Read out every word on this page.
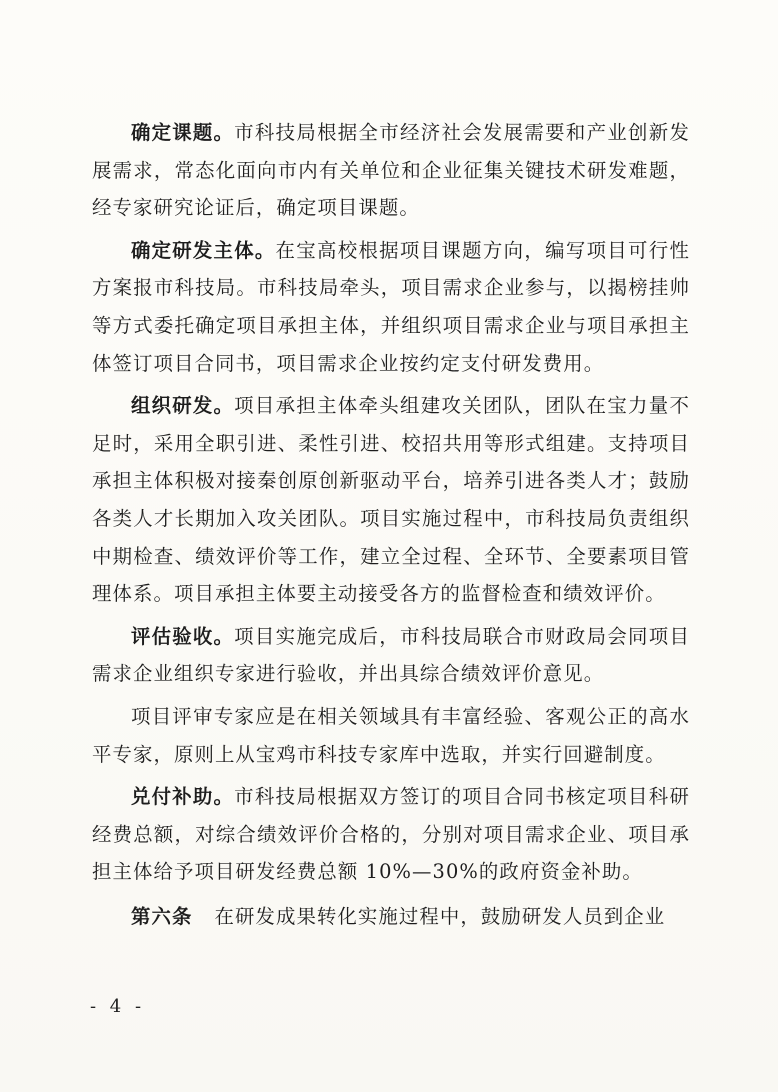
确定课题。市科技局根据全市经济社会发展需要和产业创新发展需求，常态化面向市内有关单位和企业征集关键技术研发难题，经专家研究论证后，确定项目课题。

确定研发主体。在宝高校根据项目课题方向，编写项目可行性方案报市科技局。市科技局牵头，项目需求企业参与，以揭榜挂帅等方式委托确定项目承担主体，并组织项目需求企业与项目承担主体签订项目合同书，项目需求企业按约定支付研发费用。

组织研发。项目承担主体牵头组建攻关团队，团队在宝力量不足时，采用全职引进、柔性引进、校招共用等形式组建。支持项目承担主体积极对接秦创原创新驱动平台，培养引进各类人才；鼓励各类人才长期加入攻关团队。项目实施过程中，市科技局负责组织中期检查、绩效评价等工作，建立全过程、全环节、全要素项目管理体系。项目承担主体要主动接受各方的监督检查和绩效评价。

评估验收。项目实施完成后，市科技局联合市财政局会同项目需求企业组织专家进行验收，并出具综合绩效评价意见。

项目评审专家应是在相关领域具有丰富经验、客观公正的高水平专家，原则上从宝鸡市科技专家库中选取，并实行回避制度。

兑付补助。市科技局根据双方签订的项目合同书核定项目科研经费总额，对综合绩效评价合格的，分别对项目需求企业、项目承担主体给予项目研发经费总额 10%—30%的政府资金补助。

第六条 在研发成果转化实施过程中，鼓励研发人员到企业

- 4 -
